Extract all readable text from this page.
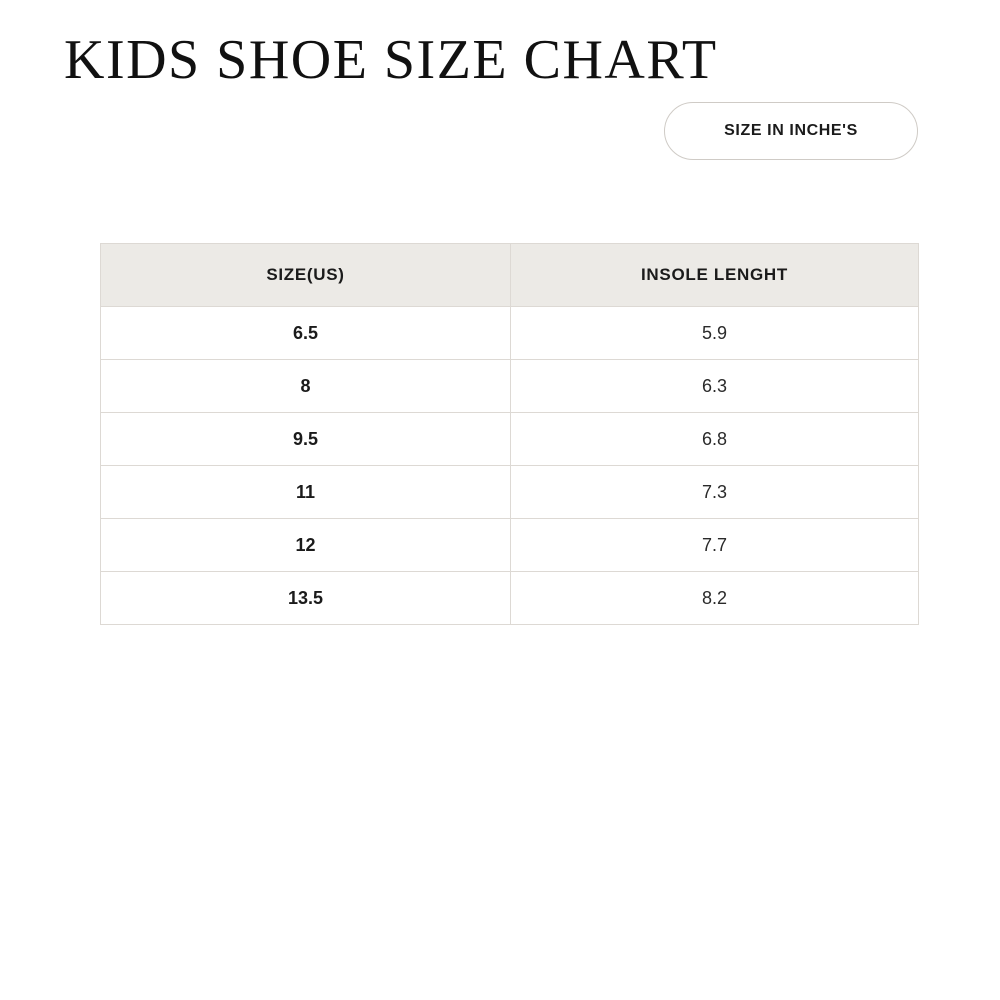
KIDS SHOE SIZE CHART
SIZE IN INCHE'S
SIZE(US)	INSOLE LENGHT
6.5	5.9
8	6.3
9.5	6.8
11	7.3
12	7.7
13.5	8.2
